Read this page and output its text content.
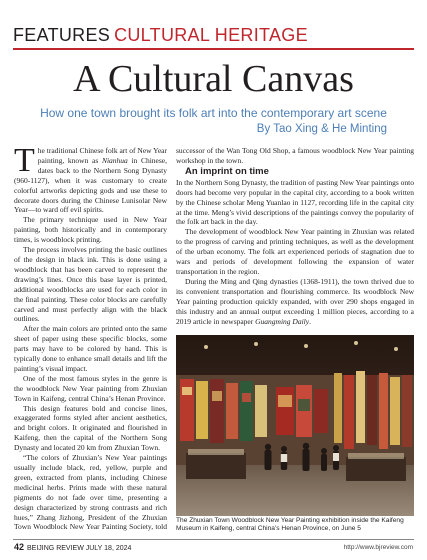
FEATURES CULTURAL HERITAGE
A Cultural Canvas

How one town brought its folk art into the contemporary art scene

By Tao Xing & He Minting

The traditional Chinese folk art of New Year painting, known as Nianhua in Chinese, dates back to the Northern Song Dynasty (960-1127), when it was customary to create colorful artworks depicting gods and use these to decorate doors during the Chinese Lunisolar New Year—to ward off evil spirits.

The primary technique used in New Year painting, both historically and in contemporary times, is woodblock printing.

The process involves printing the basic outlines of the design in black ink. This is done using a woodblock that has been carved to represent the drawing’s lines. Once this base layer is printed, additional woodblocks are used for each color in the final painting. These color blocks are carefully carved and must perfectly align with the black outlines.

After the main colors are printed onto the same sheet of paper using these specific blocks, some parts may have to be colored by hand. This is typically done to enhance small details and lift the painting’s visual impact.

One of the most famous styles in the genre is the woodblock New Year painting from Zhuxian Town in Kaifeng, central China’s Henan Province.

This design features bold and concise lines, exaggerated forms styled after ancient aesthetics, and bright colors. It originated and flourished in Kaifeng, then the capital of the Northern Song Dynasty and located 20 km from Zhuxian Town.

“The colors of Zhuxian’s New Year paintings usually include black, red, yellow, purple and green, extracted from plants, including Chinese medicinal herbs. Prints made with these natural pigments do not fade over time, presenting a design characterized by strong contrasts and rich hues,” Zhang Jizhong, President of the Zhuxian Town Woodblock New Year Painting Society, told

successor of the Wan Tong Old Shop, a famous woodblock New Year painting workshop in the town.

An imprint on time

In the Northern Song Dynasty, the tradition of pasting New Year paintings onto doors had become very popular in the capital city, according to a book written by the Chinese scholar Meng Yuanlao in 1127, recording life in the capital city at the time. Meng’s vivid descriptions of the paintings convey the popularity of the folk art back in the day.

The development of woodblock New Year painting in Zhuxian was related to the progress of carving and printing techniques, as well as the development of the urban economy. The folk art experienced periods of stagnation due to wars and periods of development following the expansion of water transportation in the region.

During the Ming and Qing dynasties (1368-1911), the town thrived due to its convenient transportation and flourishing commerce. Its woodblock New Year painting production quickly expanded, with over 290 shops engaged in this industry and an annual output exceeding 1 million pieces, according to a 2019 article in newspaper Guangming Daily.

The Zhuxian Town Woodblock New Year Painting exhibition inside the Kaifeng Museum in Kaifeng, central China’s Henan Province, on June 5
42 BEIJING REVIEW JULY 18, 2024	http://www.bjreview.com
